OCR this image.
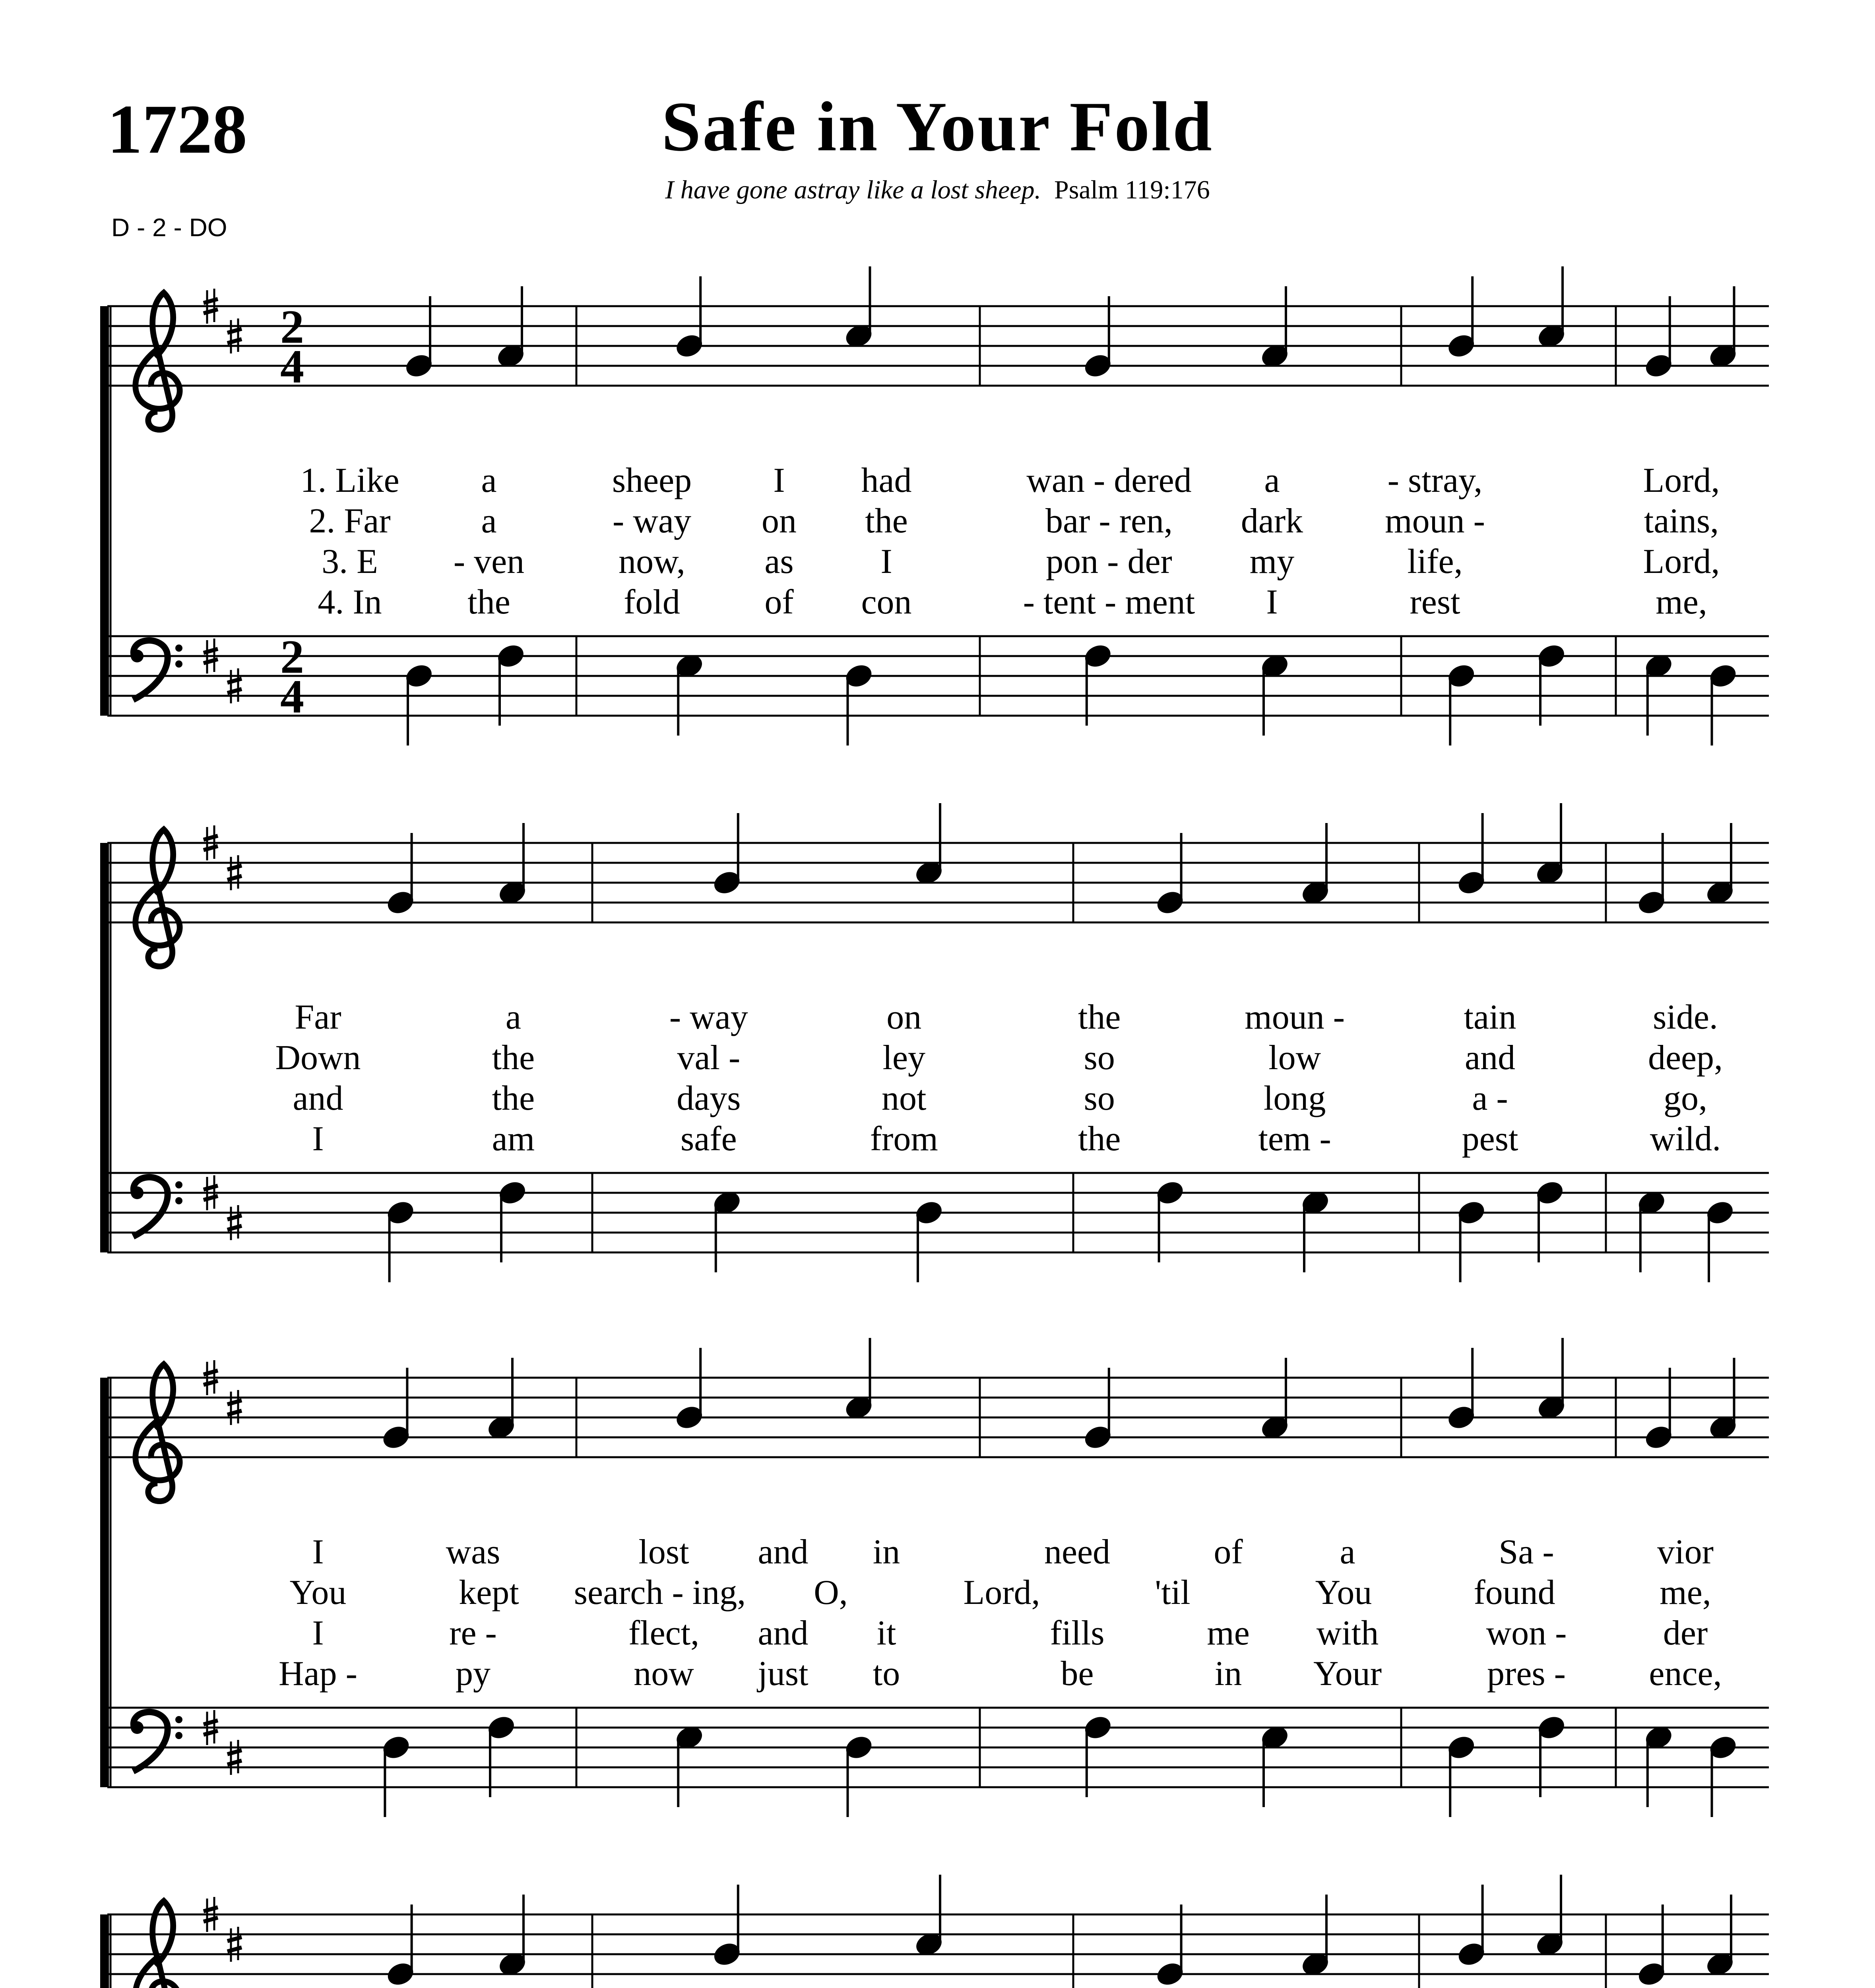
1728	Safe in Your Fold
I have gone astray like a lost sheep. Psalm 119:176
D - 2 - DO
2
4
2
4
1. Like a	sheep I had	wan - dered a	- stray,	Lord,
2. Far	a	- way on the	bar - ren, dark moun -	tains,
3. E - ven	now, as I	pon - der my	life,	Lord,
4. In the	fold of con	- tent - ment I	rest	me,
Far	a	- way	on	the	moun -	tain	side.
Down	the	val -	ley	so	low	and	deep,
and	the	days	not	so	long	a -	go,
I	am	safe	from	the	tem -	pest	wild.
I	was	lost and in	need	of	a	Sa -	vior
You	kept search - ing, O,	Lord,	'til	You	found	me,
I	re -	flect, and it	fills	me with	won -	der
Hap -	py	now just to	be	in Your	pres - ence,
